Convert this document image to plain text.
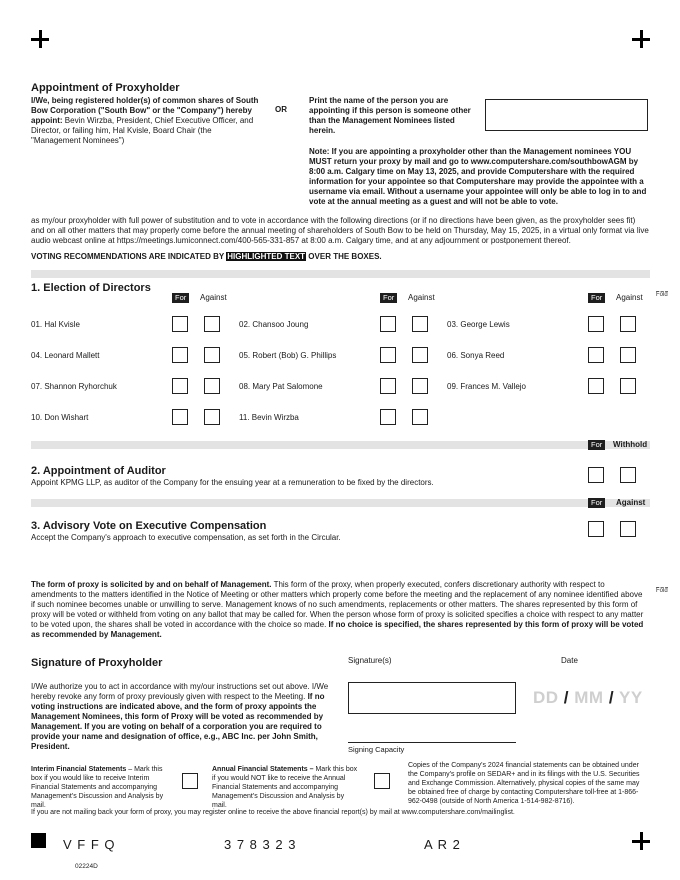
Appointment of Proxyholder
I/We, being registered holder(s) of common shares of South Bow Corporation ("South Bow" or the "Company") hereby appoint: Bevin Wirzba, President, Chief Executive Officer, and Director, or failing him, Hal Kvisle, Board Chair (the "Management Nominees")
OR
Print the name of the person you are appointing if this person is someone other than the Management Nominees listed herein.
Note: If you are appointing a proxyholder other than the Management nominees YOU MUST return your proxy by mail and go to www.computershare.com/southbowAGM by 8:00 a.m. Calgary time on May 13, 2025, and provide Computershare with the required information for your appointee so that Computershare may provide the appointee with a username via email. Without a username your appointee will only be able to log in to and vote at the annual meeting as a guest and will not be able to vote.
as my/our proxyholder with full power of substitution and to vote in accordance with the following directions (or if no directions have been given, as the proxyholder sees fit) and on all other matters that may properly come before the annual meeting of shareholders of South Bow to be held on Thursday, May 15, 2025, in a virtual only format via live audio webcast online at https://meetings.lumiconnect.com/400-565-331-857 at 8:00 a.m. Calgary time, and at any adjournment or postponement thereof.
VOTING RECOMMENDATIONS ARE INDICATED BY HIGHLIGHTED TEXT OVER THE BOXES.
1. Election of Directors
For	Against	For	Against	For	Against Fold
01. Hal Kvisle	02. Chansoo Joung	03. George Lewis
04. Leonard Mallett	05. Robert (Bob) G. Phillips	06. Sonya Reed
07. Shannon Ryhorchuk	08. Mary Pat Salomone	09. Frances M. Vallejo
10. Don Wishart	11. Bevin Wirzba
For	Withhold
2. Appointment of Auditor
Appoint KPMG LLP, as auditor of the Company for the ensuing year at a remuneration to be fixed by the directors.
For	Against
3. Advisory Vote on Executive Compensation
Accept the Company's approach to executive compensation, as set forth in the Circular.
The form of proxy is solicited by and on behalf of Management. This form of the proxy, when properly executed, confers discretionary authority with respect to amendments to the matters identified in the Notice of Meeting or other matters which properly come before the meeting and the replacement of any nominee identified above if such nominee becomes unable or unwilling to serve. Management knows of no such amendments, replacements or other matters. The shares represented by this form of proxy will be voted or withheld from voting on any ballot that may be called for. When the person whose form of proxy is solicited specifies a choice with respect to any matter to be voted upon, the shares shall be voted in accordance with the choice so made. If no choice is specified, the shares represented by this form of proxy will be voted as recommended by Management.
Fold
Signature of Proxyholder	Signature(s)	Date
I/We authorize you to act in accordance with my/our instructions set out above. I/We hereby revoke any form of proxy previously given with respect to the Meeting. If no voting instructions are indicated above, and the form of proxy appoints the Management Nominees, this form of Proxy will be voted as recommended by Management. If you are voting on behalf of a corporation you are required to provide your name and designation of office, e.g., ABC Inc. per John Smith, President.
DD / MM / YY
Signing Capacity
Interim Financial Statements – Mark this box if you would like to receive Interim Financial Statements and accompanying Management's Discussion and Analysis by mail.
Annual Financial Statements – Mark this box if you would NOT like to receive the Annual Financial Statements and accompanying Management's Discussion and Analysis by mail.
Copies of the Company's 2024 financial statements can be obtained under the Company's profile on SEDAR+ and in its filings with the U.S. Securities and Exchange Commission. Alternatively, physical copies of the same may be obtained free of charge by contacting Computershare toll-free at 1-866-962-0498 (outside of North America 1-514-982-8716).
If you are not mailing back your form of proxy, you may register online to receive the above financial report(s) by mail at www.computershare.com/mailinglist.
V F F Q	3 7 8 3 2 3	A R 2
02224D
